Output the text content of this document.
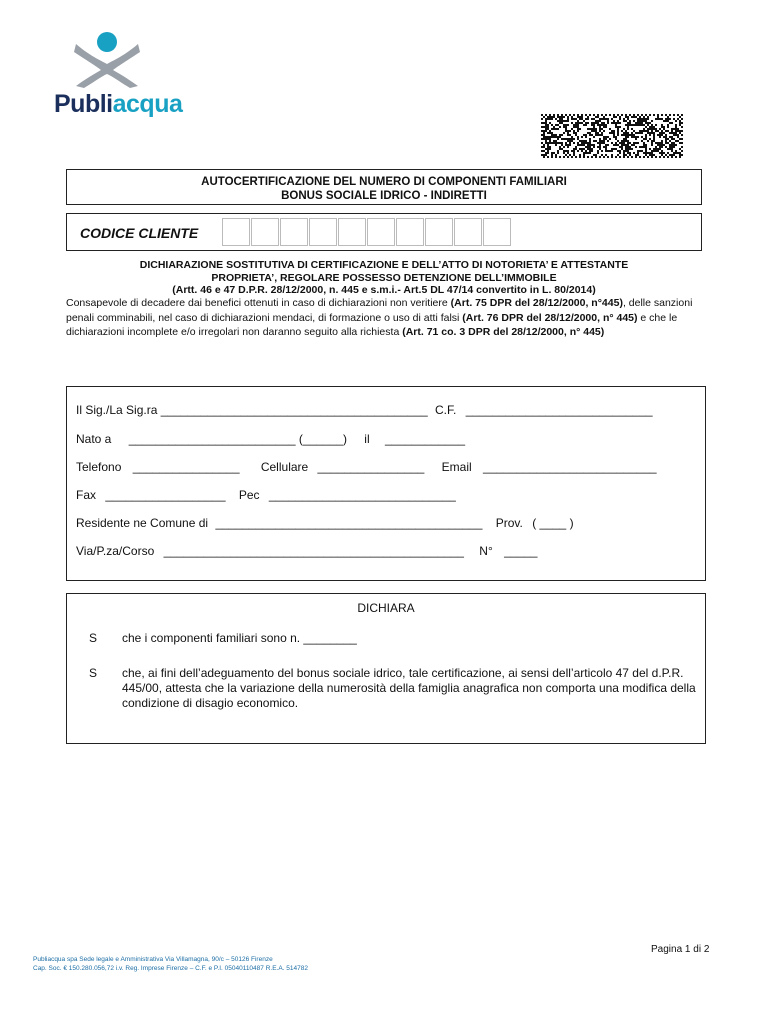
Publiacqua
AUTOCERTIFICAZIONE DEL NUMERO DI COMPONENTI FAMILIARI
BONUS SOCIALE IDRICO - INDIRETTI
CODICE CLIENTE
DICHIARAZIONE SOSTITUTIVA DI CERTIFICAZIONE E DELL’ATTO DI NOTORIETA’ E ATTESTANTE
PROPRIETA’, REGOLARE POSSESSO DETENZIONE DELL’IMMOBILE
(Artt. 46 e 47 D.P.R. 28/12/2000, n. 445 e s.m.i.- Art.5 DL 47/14 convertito in L. 80/2014)
Consapevole di decadere dai benefici ottenuti in caso di dichiarazioni non veritiere (Art. 75 DPR del 28/12/2000, n°445), delle sanzioni penali comminabili, nel caso di dichiarazioni mendaci, di formazione o uso di atti falsi (Art. 76 DPR del 28/12/2000, n° 445) e che le dichiarazioni incomplete e/o irregolari non daranno seguito alla richiesta (Art. 71 co. 3 DPR del 28/12/2000, n° 445)
Il Sig./La Sig.ra ________________________________________ C.F. ____________________________
Nato a _________________________ (______) il ____________
Telefono ________________ Cellulare ________________ Email __________________________
Fax __________________ Pec ____________________________
Residente ne Comune di ________________________________________ Prov. ( ____ )
Via/P.za/Corso _____________________________________________ N° _____
DICHIARA
S che i componenti familiari sono n. ________
S che, ai fini dell’adeguamento del bonus sociale idrico, tale certificazione, ai sensi dell’articolo 47 del d.P.R. 445/00, attesta che la variazione della numerosità della famiglia anagrafica non comporta una modifica della condizione di disagio economico.
Pagina 1 di 2
Publiacqua spa Sede legale e Amministrativa Via Villamagna, 90/c – 50126 Firenze
Cap. Soc. € 150.280.056,72 i.v. Reg. Imprese Firenze – C.F. e P.I. 05040110487 R.E.A. 514782
